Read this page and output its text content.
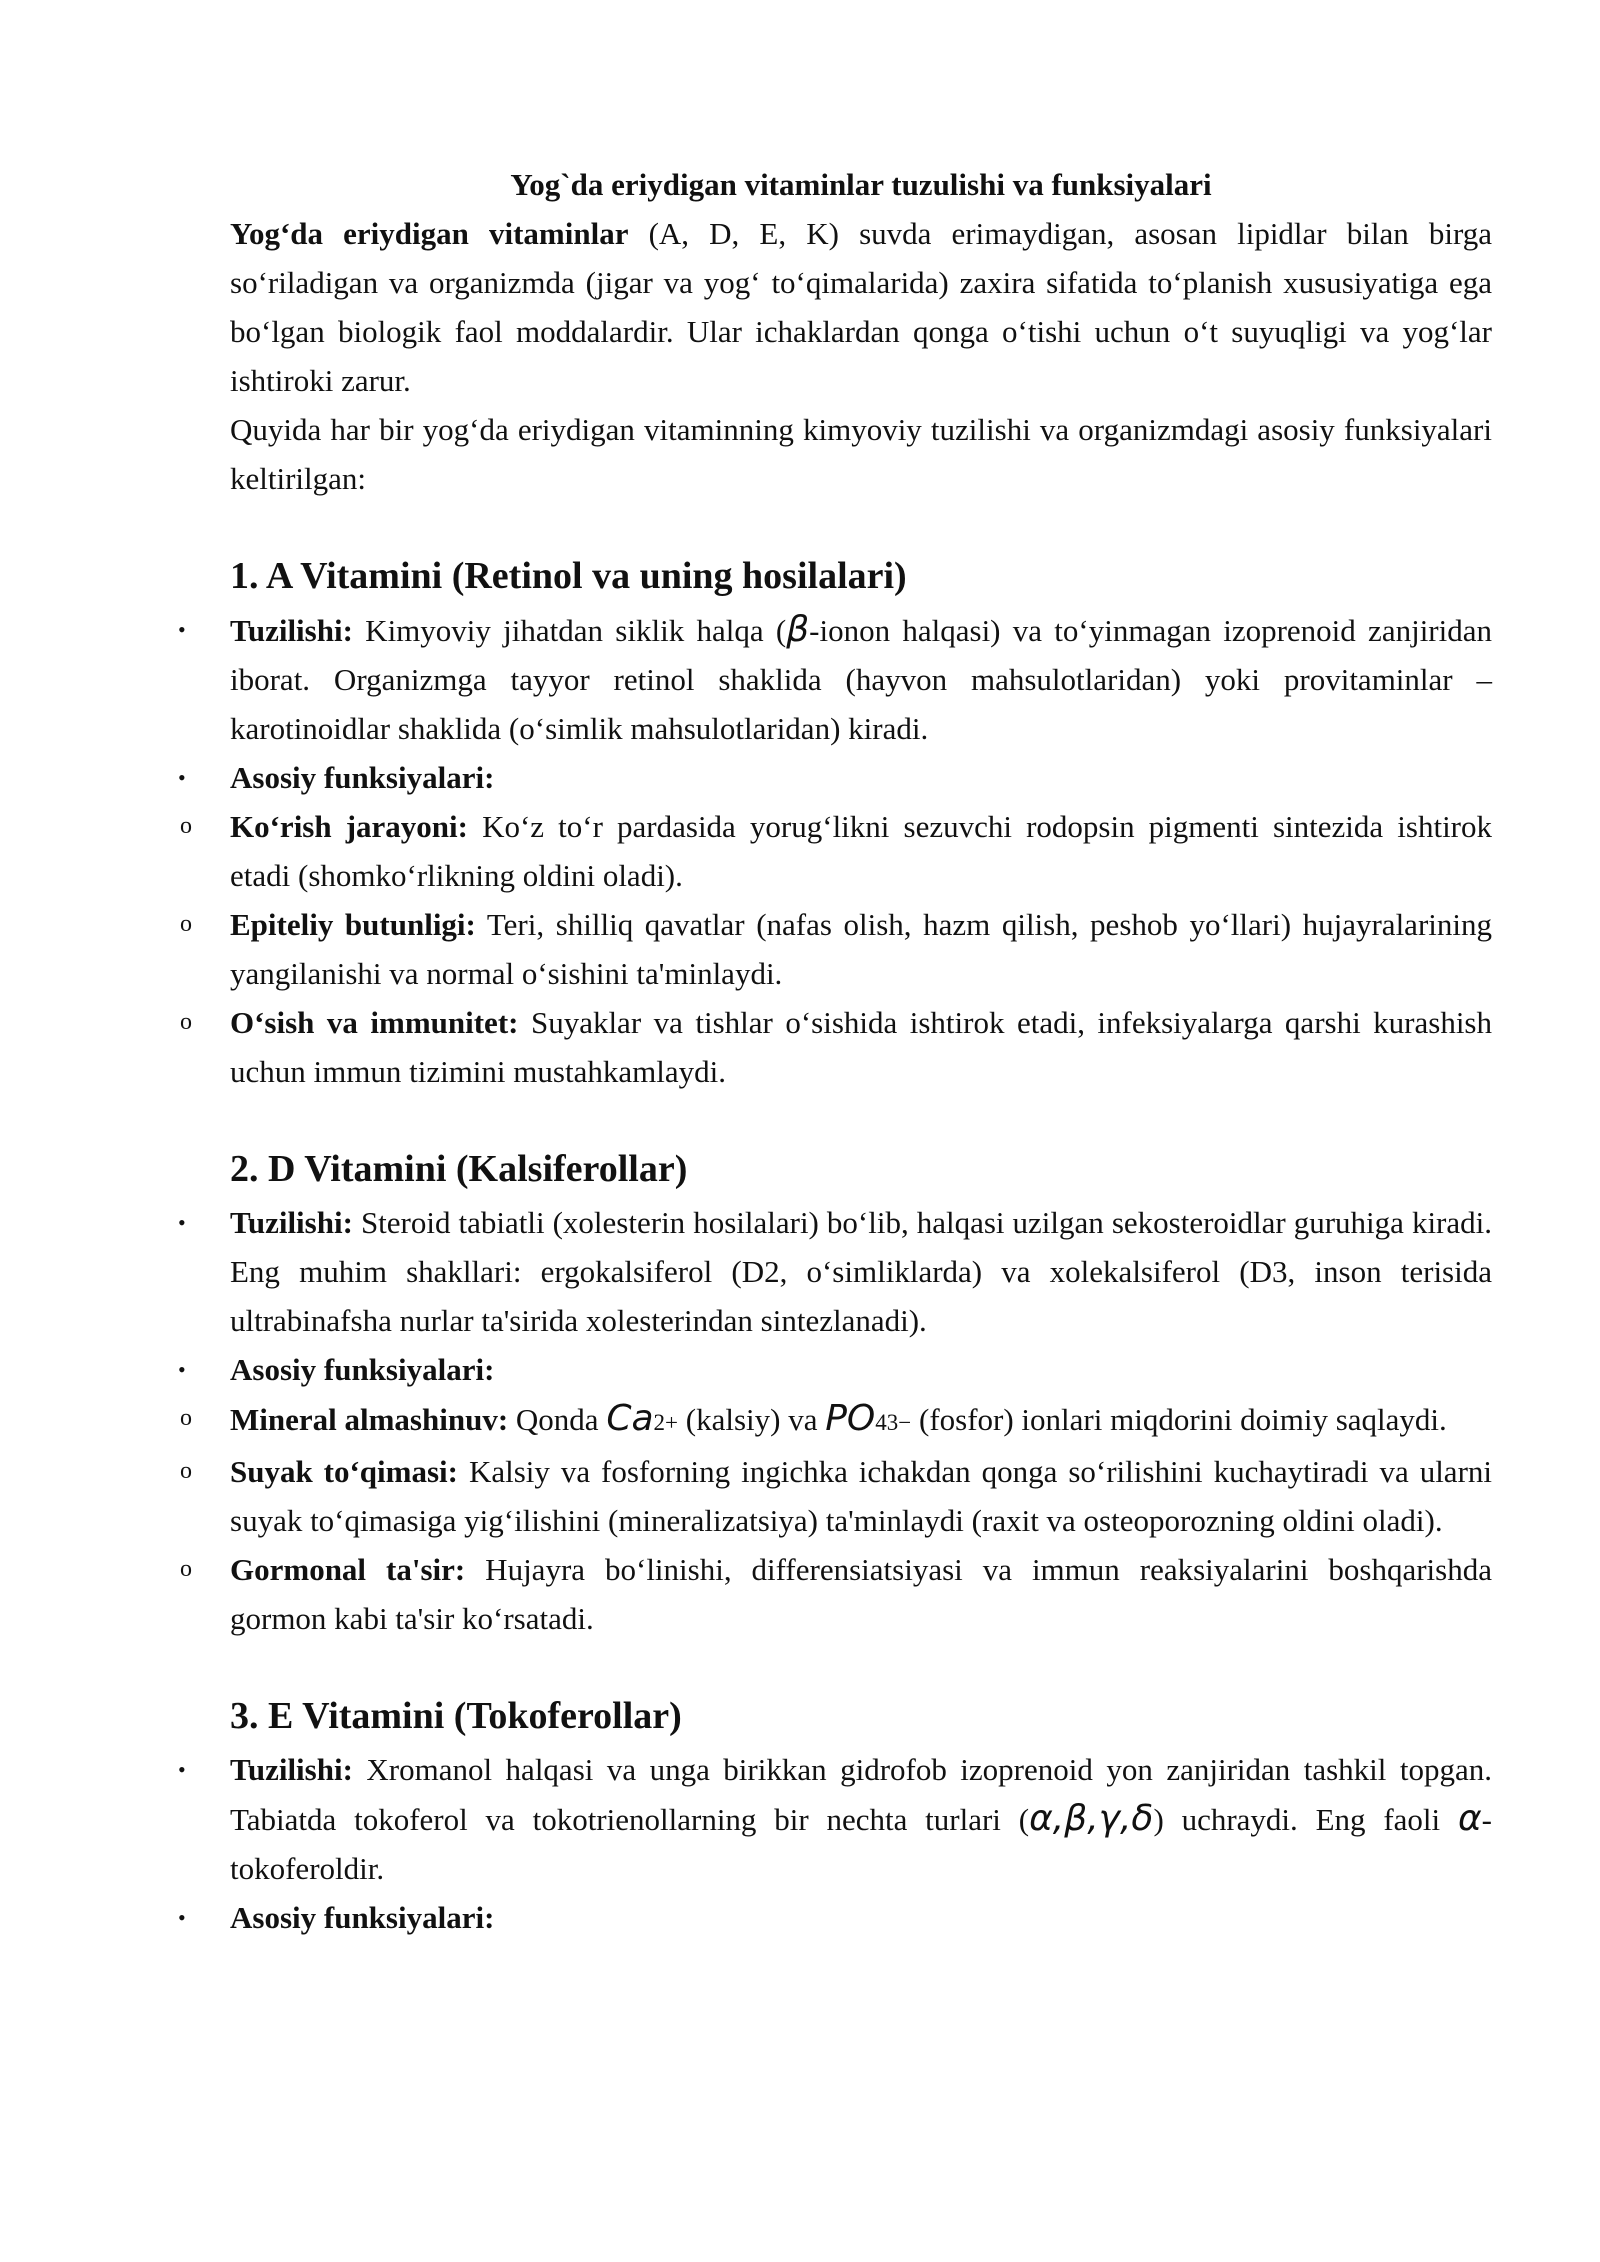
Yog`da eriydigan vitaminlar tuzulishi va funksiyalari

Yog‘da eriydigan vitaminlar (A, D, E, K) suvda erimaydigan, asosan lipidlar bilan birga so‘riladigan va organizmda (jigar va yog‘ to‘qimalarida) zaxira sifatida to‘planish xususiyatiga ega bo‘lgan biologik faol moddalardir. Ular ichaklardan qonga o‘tishi uchun o‘t suyuqligi va yog‘lar ishtiroki zarur.

Quyida har bir yog‘da eriydigan vitaminning kimyoviy tuzilishi va organizmdagi asosiy funksiyalari keltirilgan:

1. A Vitamini (Retinol va uning hosilalari)

• Tuzilishi: Kimyoviy jihatdan siklik halqa (β-ionon halqasi) va to‘yinmagan izoprenoid zanjiridan iborat. Organizmga tayyor retinol shaklida (hayvon mahsulotlaridan) yoki provitaminlar – karotinoidlar shaklida (o‘simlik mahsulotlaridan) kiradi.

• Asosiy funksiyalari:

o Ko‘rish jarayoni: Ko‘z to‘r pardasida yorug‘likni sezuvchi rodopsin pigmenti sintezida ishtirok etadi (shomko‘rlikning oldini oladi).

o Epiteliy butunligi: Teri, shilliq qavatlar (nafas olish, hazm qilish, peshob yo‘llari) hujayralarining yangilanishi va normal o‘sishini ta'minlaydi.

o O‘sish va immunitet: Suyaklar va tishlar o‘sishida ishtirok etadi, infeksiyalarga qarshi kurashish uchun immun tizimini mustahkamlaydi.

2. D Vitamini (Kalsiferollar)

• Tuzilishi: Steroid tabiatli (xolesterin hosilalari) bo‘lib, halqasi uzilgan sekosteroidlar guruhiga kiradi. Eng muhim shakllari: ergokalsiferol (D2, o‘simliklarda) va xolekalsiferol (D3, inson terisida ultrabinafsha nurlar ta'sirida xolesterindan sintezlanadi).

• Asosiy funksiyalari:

o Mineral almashinuv: Qonda Ca2+ (kalsiy) va PO43− (fosfor) ionlari miqdorini doimiy saqlaydi.

o Suyak to‘qimasi: Kalsiy va fosforning ingichka ichakdan qonga so‘rilishini kuchaytiradi va ularni suyak to‘qimasiga yig‘ilishini (mineralizatsiya) ta'minlaydi (raxit va osteoporozning oldini oladi).

o Gormonal ta'sir: Hujayra bo‘linishi, differensiatsiyasi va immun reaksiyalarini boshqarishda gormon kabi ta'sir ko‘rsatadi.

3. E Vitamini (Tokoferollar)

• Tuzilishi: Xromanol halqasi va unga birikkan gidrofob izoprenoid yon zanjiridan tashkil topgan. Tabiatda tokoferol va tokotrienollarning bir nechta turlari (α,β,γ,δ) uchraydi. Eng faoli α-tokoferoldir.

• Asosiy funksiyalari:
